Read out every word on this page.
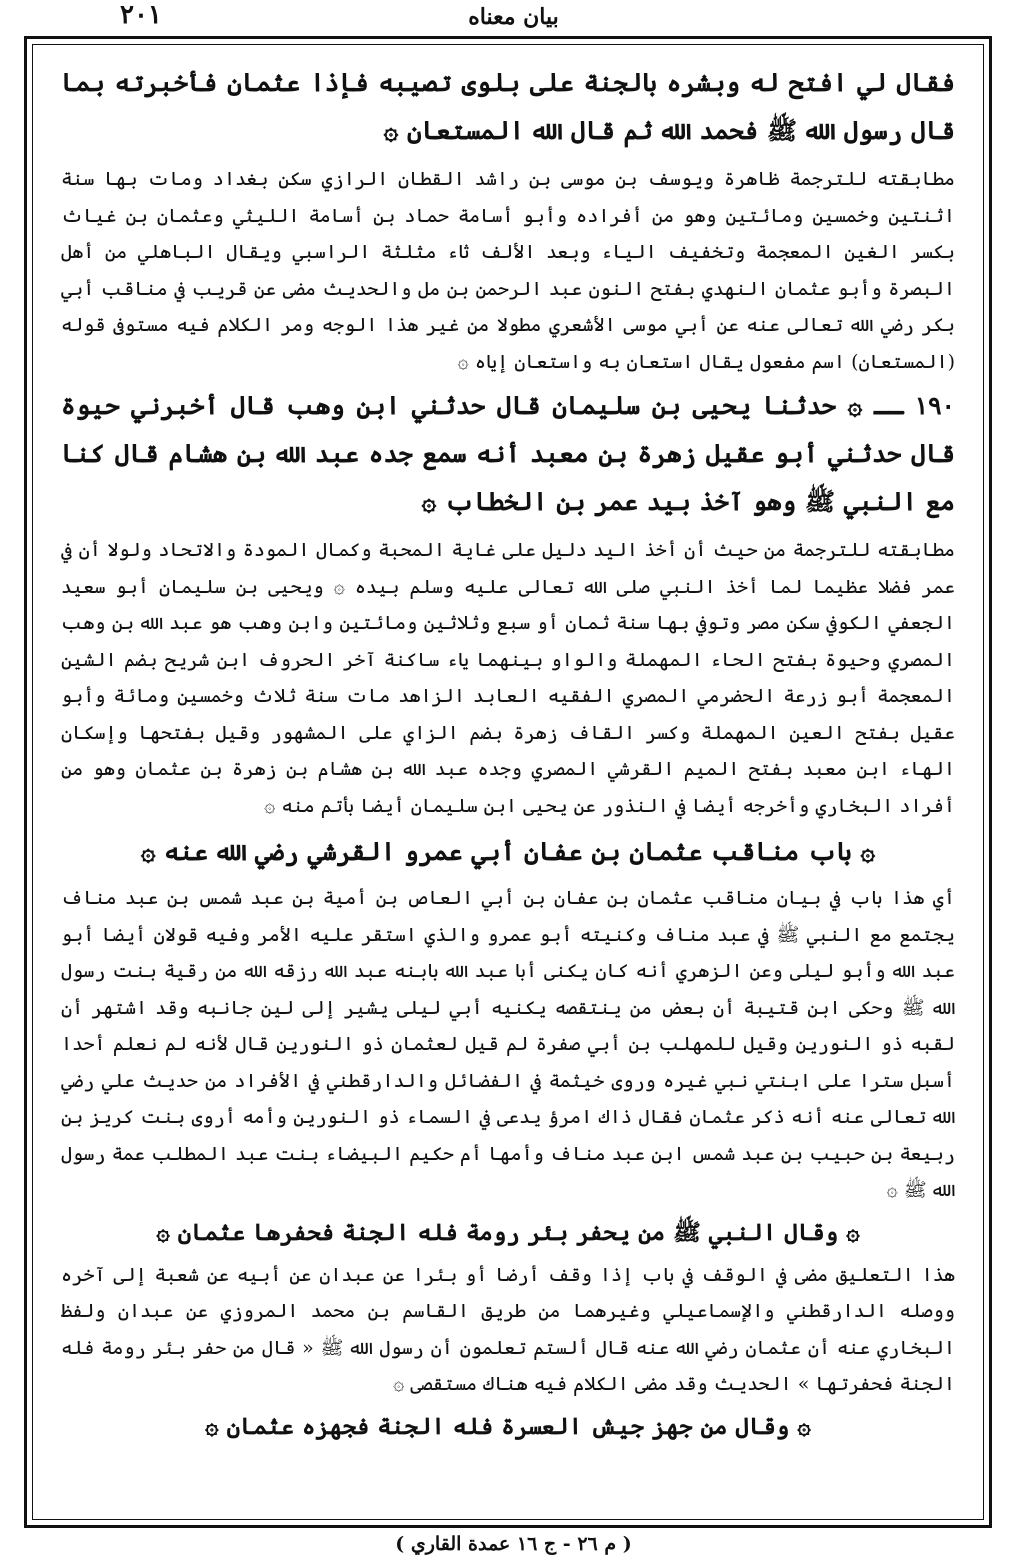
٢٠١	بيان معناه

فقال لي افتح له وبشره بالجنة على بلوى تصيبه فإذا عثمان فأخبرته بما قال رسول الله ﷺ فحمد الله ثم قال الله المستعان ۞

مطابقته للترجمة ظاهرة ويوسف بن موسى بن راشد القطان الرازي سكن بغداد ومات بها سنة اثنتين وخمسين ومائتين وهو من أفراده وأبو أسامة حماد بن أسامة الليثي وعثمان بن غياث بكسر الغين المعجمة وتخفيف الياء وبعد الألف ثاء مثلثة الراسبي ويقال الباهلي من أهل البصرة وأبو عثمان النهدي بفتح النون عبد الرحمن بن مل والحديث مضى عن قريب في مناقب أبي بكر رضي الله تعالى عنه عن أبي موسى الأشعري مطولا من غير هذا الوجه ومر الكلام فيه مستوفى قوله (المستعان) اسم مفعول يقال استعان به واستعان إياه ۞

١٩٠ ــ ۞ حدثنا يحيى بن سليمان قال حدثني ابن وهب قال أخبرني حيوة قال حدثني أبو عقيل زهرة بن معبد أنه سمع جده عبد الله بن هشام قال كنا مع النبي ﷺ وهو آخذ بيد عمر بن الخطاب ۞

مطابقته للترجمة من حيث أن أخذ اليد دليل على غاية المحبة وكمال المودة والاتحاد ولولا أن في عمر فضلا عظيما لما أخذ النبي صلى الله تعالى عليه وسلم بيده ۞ ويحيى بن سليمان أبو سعيد الجعفي الكوفي سكن مصر وتوفي بها سنة ثمان أو سبع وثلاثين ومائتين وابن وهب هو عبد الله بن وهب المصري وحيوة بفتح الحاء المهملة والواو بينهما ياء ساكنة آخر الحروف ابن شريح بضم الشين المعجمة أبو زرعة الحضرمي المصري الفقيه العابد الزاهد مات سنة ثلاث وخمسين ومائة وأبو عقيل بفتح العين المهملة وكسر القاف زهرة بضم الزاي على المشهور وقيل بفتحها وإسكان الهاء ابن معبد بفتح الميم القرشي المصري وجده عبد الله بن هشام بن زهرة بن عثمان وهو من أفراد البخاري وأخرجه أيضا في النذور عن يحيى ابن سليمان أيضا بأتم منه ۞

۞ باب مناقب عثمان بن عفان أبي عمرو القرشي رضي الله عنه ۞

أي هذا باب في بيان مناقب عثمان بن عفان بن أبي العاص بن أمية بن عبد شمس بن عبد مناف يجتمع مع النبي ﷺ في عبد مناف وكنيته أبو عمرو والذي استقر عليه الأمر وفيه قولان أيضا أبو عبد الله وأبو ليلى وعن الزهري أنه كان يكنى أبا عبد الله بابنه عبد الله رزقه الله من رقية بنت رسول الله ﷺ وحكى ابن قتيبة أن بعض من ينتقصه يكنيه أبي ليلى يشير إلى لين جانبه وقد اشتهر أن لقبه ذو النورين وقيل للمهلب بن أبي صفرة لم قيل لعثمان ذو النورين قال لأنه لم نعلم أحدا أسبل سترا على ابنتي نبي غيره وروى خيثمة في الفضائل والدارقطني في الأفراد من حديث علي رضي الله تعالى عنه أنه ذكر عثمان فقال ذاك امرؤ يدعى في السماء ذو النورين وأمه أروى بنت كريز بن ربيعة بن حبيب بن عبد شمس ابن عبد مناف وأمها أم حكيم البيضاء بنت عبد المطلب عمة رسول الله ﷺ ۞

۞ وقال النبي ﷺ من يحفر بئر رومة فله الجنة فحفرها عثمان ۞

هذا التعليق مضى في الوقف في باب إذا وقف أرضا أو بئرا عن عبدان عن أبيه عن شعبة إلى آخره ووصله الدارقطني والإسماعيلي وغيرهما من طريق القاسم بن محمد المروزي عن عبدان ولفظ البخاري عنه أن عثمان رضي الله عنه قال ألستم تعلمون أن رسول الله ﷺ « قال من حفر بئر رومة فله الجنة فحفرتها » الحديث وقد مضى الكلام فيه هناك مستقصى ۞

۞ وقال من جهز جيش العسرة فله الجنة فجهزه عثمان ۞

( م ٢٦ - ج ١٦ عمدة القاري )
